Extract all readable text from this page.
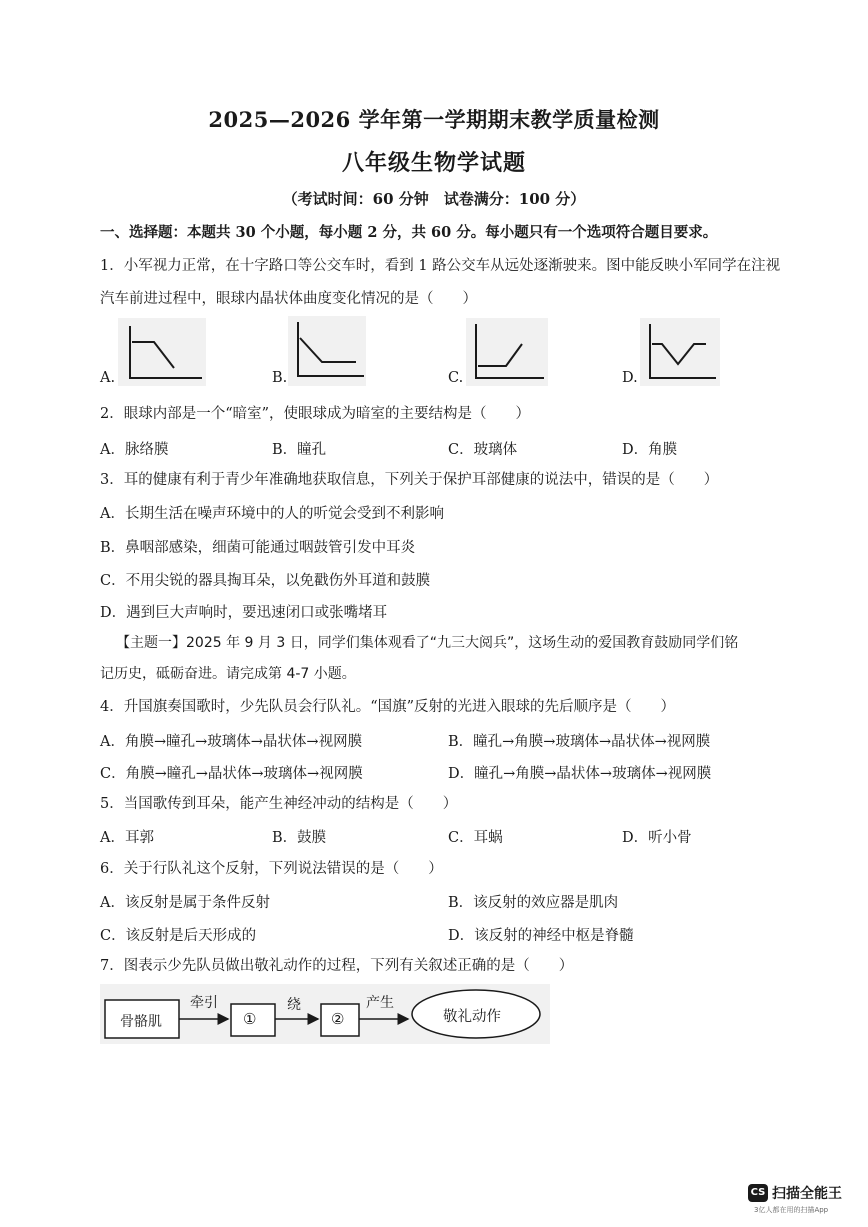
2025—2026 学年第一学期期末教学质量检测
八年级生物学试题
（考试时间：60 分钟　试卷满分：100 分）
一、选择题：本题共 30 个小题，每小题 2 分，共 60 分。每小题只有一个选项符合题目要求。
1．小军视力正常，在十字路口等公交车时，看到 1 路公交车从远处逐渐驶来。图中能反映小军同学在注视
汽车前进过程中，眼球内晶状体曲度变化情况的是（　　）
A.	B.	C.	D.
2．眼球内部是一个“暗室”，使眼球成为暗室的主要结构是（　　）
A．脉络膜	B．瞳孔	C．玻璃体	D．角膜
3．耳的健康有利于青少年准确地获取信息，下列关于保护耳部健康的说法中，错误的是（　　）
A．长期生活在噪声环境中的人的听觉会受到不利影响
B．鼻咽部感染，细菌可能通过咽鼓管引发中耳炎
C．不用尖锐的器具掏耳朵，以免戳伤外耳道和鼓膜
D．遇到巨大声响时，要迅速闭口或张嘴堵耳
【主题一】2025 年 9 月 3 日，同学们集体观看了“九三大阅兵”，这场生动的爱国教育鼓励同学们铭
记历史，砥砺奋进。请完成第 4-7 小题。
4．升国旗奏国歌时，少先队员会行队礼。“国旗”反射的光进入眼球的先后顺序是（　　）
A．角膜→瞳孔→玻璃体→晶状体→视网膜	B．瞳孔→角膜→玻璃体→晶状体→视网膜
C．角膜→瞳孔→晶状体→玻璃体→视网膜	D．瞳孔→角膜→晶状体→玻璃体→视网膜
5．当国歌传到耳朵，能产生神经冲动的结构是（　　）
A．耳郭	B．鼓膜	C．耳蜗	D．听小骨
6．关于行队礼这个反射，下列说法错误的是（　　）
A．该反射是属于条件反射	B．该反射的效应器是肌肉
C．该反射是后天形成的	D．该反射的神经中枢是脊髓
7．图表示少先队员做出敬礼动作的过程，下列有关叙述正确的是（　　）
骨骼肌
牵引
①
绕
②
产生
敬礼动作
CS 扫描全能王
3亿人都在用的扫描App
